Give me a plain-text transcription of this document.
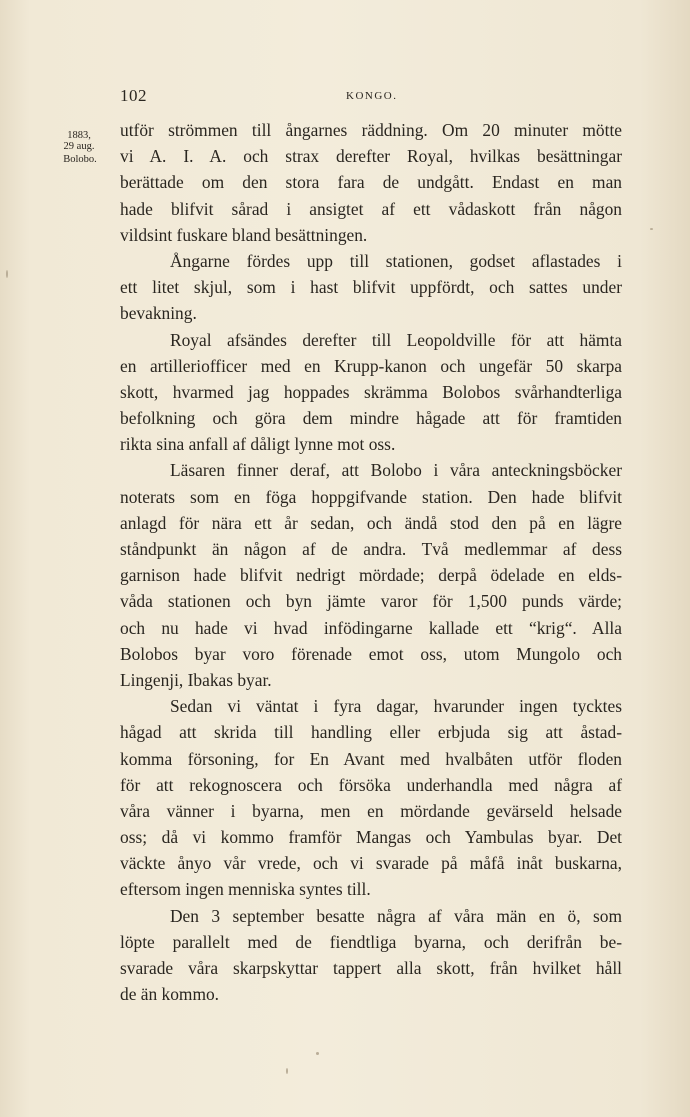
102	KONGO.
1883,
29 aug.
Bolobo.
utför strömmen till ångarnes räddning. Om 20 minuter mötte
vi A. I. A. och strax derefter Royal, hvilkas besättningar
berättade om den stora fara de undgått. Endast en man
hade blifvit sårad i ansigtet af ett vådaskott från någon
vildsint fuskare bland besättningen.
Ångarne fördes upp till stationen, godset aflastades i
ett litet skjul, som i hast blifvit uppfördt, och sattes under
bevakning.
Royal afsändes derefter till Leopoldville för att hämta
en artilleriofficer med en Krupp-kanon och ungefär 50 skarpa
skott, hvarmed jag hoppades skrämma Bolobos svårhandterliga
befolkning och göra dem mindre hågade att för framtiden
rikta sina anfall af dåligt lynne mot oss.
Läsaren finner deraf, att Bolobo i våra anteckningsböcker
noterats som en föga hoppgifvande station. Den hade blifvit
anlagd för nära ett år sedan, och ändå stod den på en lägre
ståndpunkt än någon af de andra. Två medlemmar af dess
garnison hade blifvit nedrigt mördade; derpå ödelade en elds-
våda stationen och byn jämte varor för 1,500 punds värde;
och nu hade vi hvad infödingarne kallade ett “krig“. Alla
Bolobos byar voro förenade emot oss, utom Mungolo och
Lingenji, Ibakas byar.
Sedan vi väntat i fyra dagar, hvarunder ingen tycktes
hågad att skrida till handling eller erbjuda sig att åstad-
komma försoning, for En Avant med hvalbåten utför floden
för att rekognoscera och försöka underhandla med några af
våra vänner i byarna, men en mördande gevärseld helsade
oss; då vi kommo framför Mangas och Yambulas byar. Det
väckte ånyo vår vrede, och vi svarade på måfå inåt buskarna,
eftersom ingen menniska syntes till.
Den 3 september besatte några af våra män en ö, som
löpte parallelt med de fiendtliga byarna, och derifrån be-
svarade våra skarpskyttar tappert alla skott, från hvilket håll
de än kommo.
